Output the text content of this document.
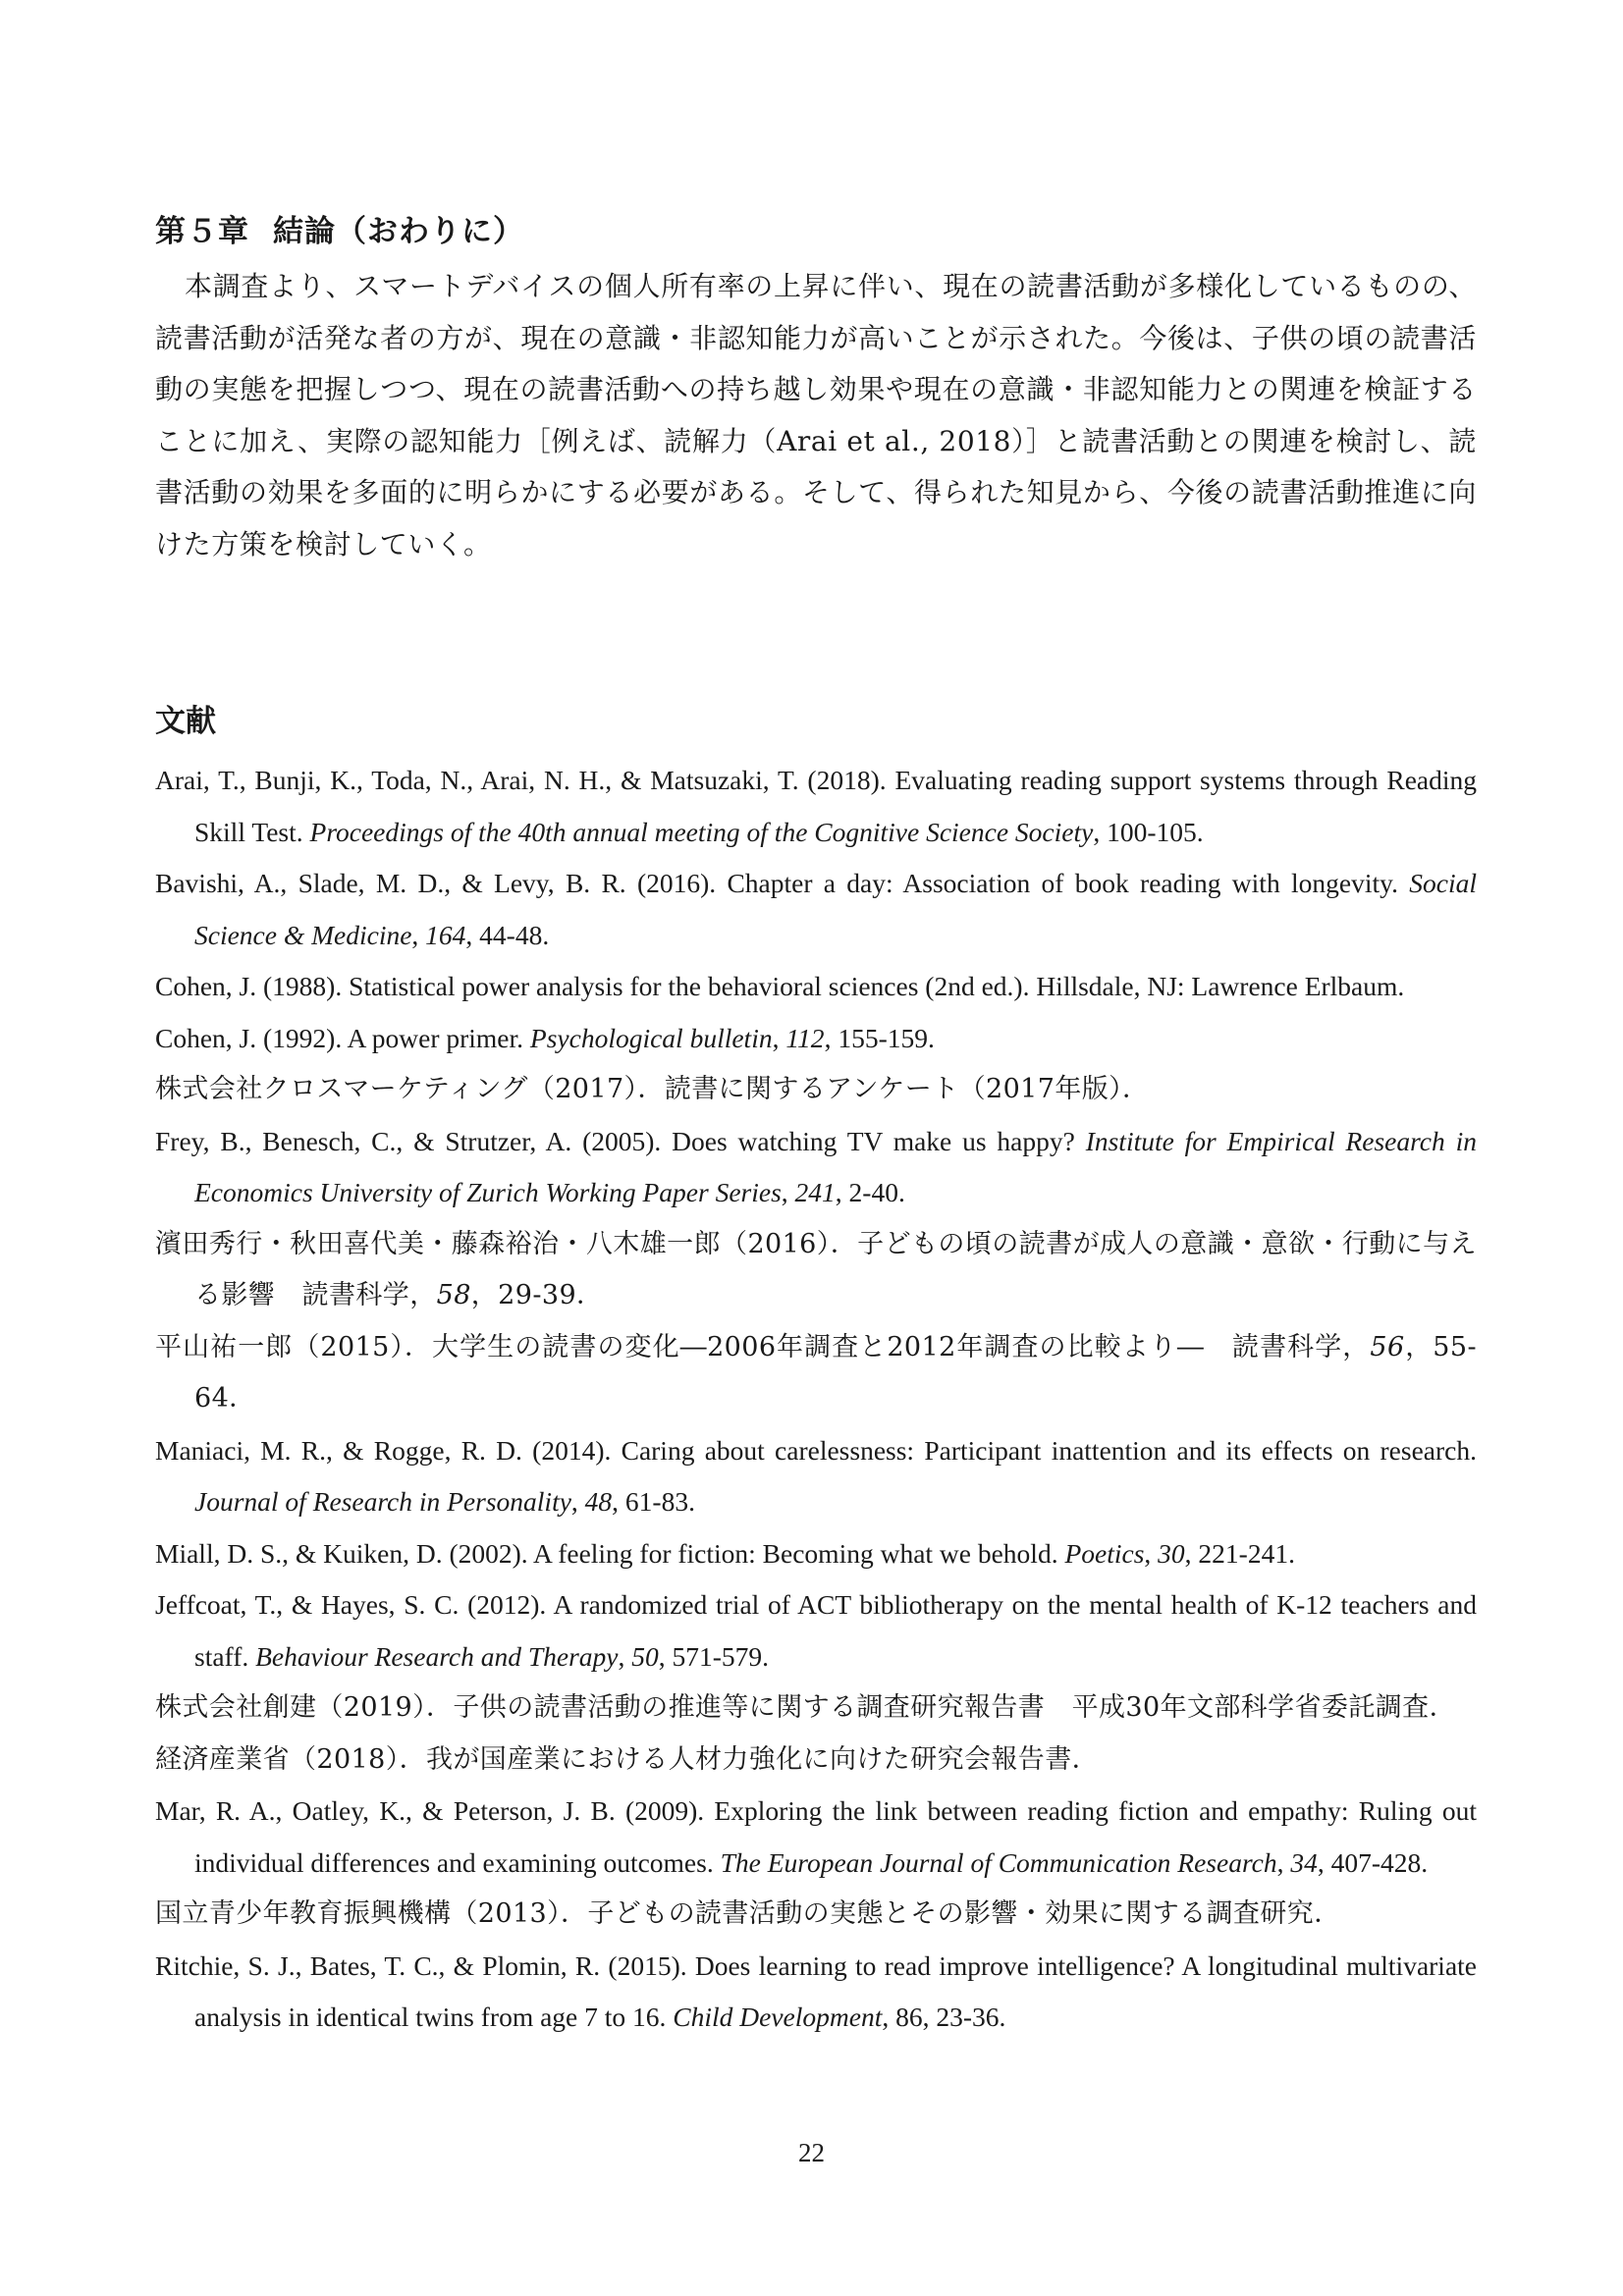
第５章 結論（おわりに）

本調査より、スマートデバイスの個人所有率の上昇に伴い、現在の読書活動が多様化しているものの、読書活動が活発な者の方が、現在の意識・非認知能力が高いことが示された。今後は、子供の頃の読書活動の実態を把握しつつ、現在の読書活動への持ち越し効果や現在の意識・非認知能力との関連を検証することに加え、実際の認知能力［例えば、読解力（Arai et al., 2018）］と読書活動との関連を検討し、読書活動の効果を多面的に明らかにする必要がある。そして、得られた知見から、今後の読書活動推進に向けた方策を検討していく。

文献
Arai, T., Bunji, K., Toda, N., Arai, N. H., & Matsuzaki, T. (2018). Evaluating reading support systems through Reading Skill Test. Proceedings of the 40th annual meeting of the Cognitive Science Society, 100-105.
Bavishi, A., Slade, M. D., & Levy, B. R. (2016). Chapter a day: Association of book reading with longevity. Social Science & Medicine, 164, 44-48.
Cohen, J. (1988). Statistical power analysis for the behavioral sciences (2nd ed.). Hillsdale, NJ: Lawrence Erlbaum.
Cohen, J. (1992). A power primer. Psychological bulletin, 112, 155-159.
株式会社クロスマーケティング（2017）．読書に関するアンケート（2017年版）．
Frey, B., Benesch, C., & Strutzer, A. (2005). Does watching TV make us happy? Institute for Empirical Research in Economics University of Zurich Working Paper Series, 241, 2-40.
濱田秀行・秋田喜代美・藤森裕治・八木雄一郎（2016）．子どもの頃の読書が成人の意識・意欲・行動に与える影響　読書科学，58，29-39．
平山祐一郎（2015）．大学生の読書の変化―2006年調査と2012年調査の比較より―　読書科学，56，55-64．
Maniaci, M. R., & Rogge, R. D. (2014). Caring about carelessness: Participant inattention and its effects on research. Journal of Research in Personality, 48, 61-83.
Miall, D. S., & Kuiken, D. (2002). A feeling for fiction: Becoming what we behold. Poetics, 30, 221-241.
Jeffcoat, T., & Hayes, S. C. (2012). A randomized trial of ACT bibliotherapy on the mental health of K-12 teachers and staff. Behaviour Research and Therapy, 50, 571-579.
株式会社創建（2019）．子供の読書活動の推進等に関する調査研究報告書　平成30年文部科学省委託調査．
経済産業省（2018）．我が国産業における人材力強化に向けた研究会報告書．
Mar, R. A., Oatley, K., & Peterson, J. B. (2009). Exploring the link between reading fiction and empathy: Ruling out individual differences and examining outcomes. The European Journal of Communication Research, 34, 407-428.
国立青少年教育振興機構（2013）．子どもの読書活動の実態とその影響・効果に関する調査研究．
Ritchie, S. J., Bates, T. C., & Plomin, R. (2015). Does learning to read improve intelligence? A longitudinal multivariate analysis in identical twins from age 7 to 16. Child Development, 86, 23-36.
22
